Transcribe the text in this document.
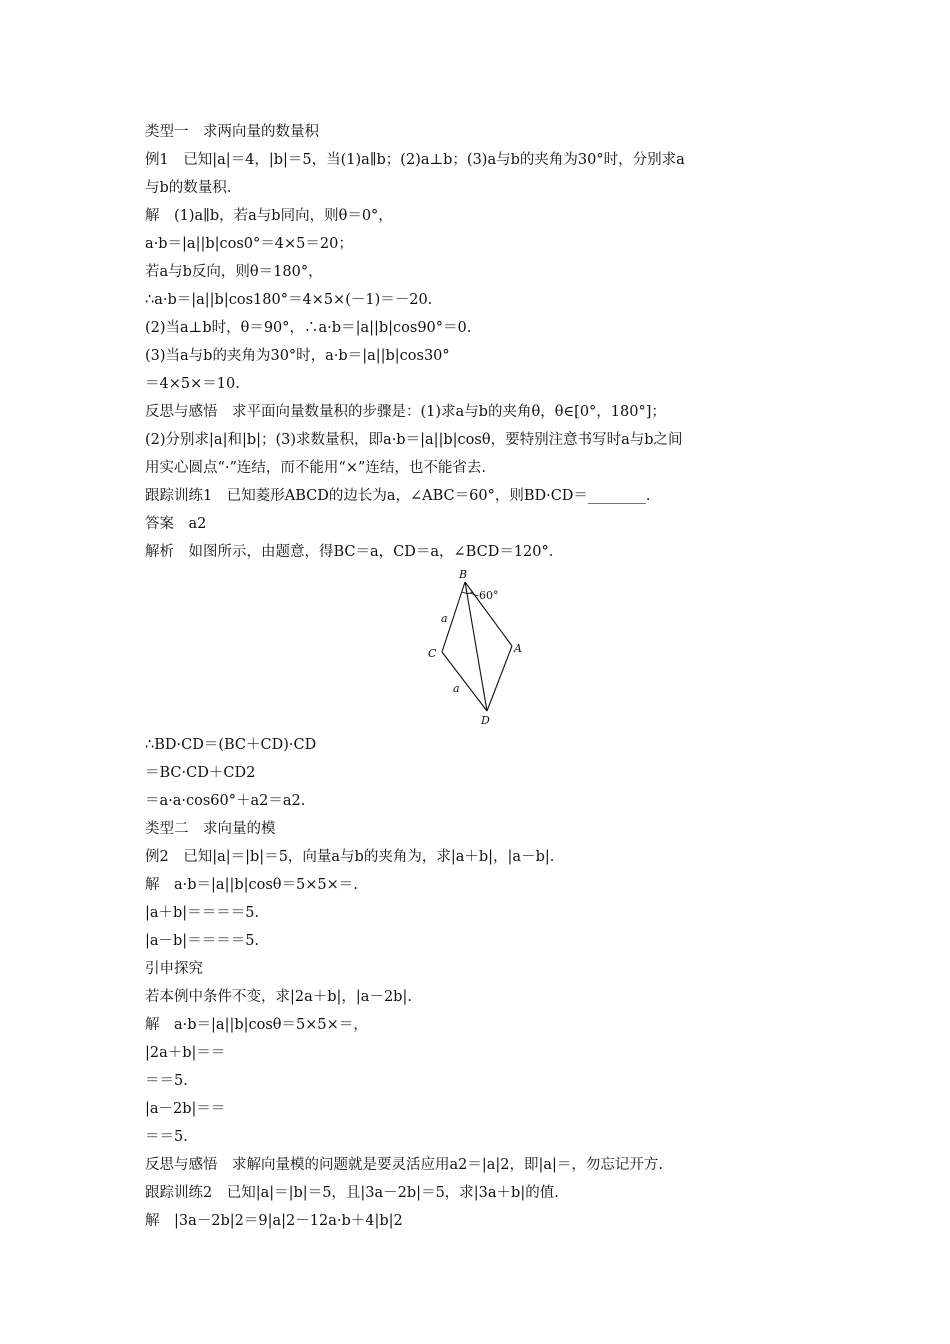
类型一　求两向量的数量积
例1　已知|a|＝4，|b|＝5，当(1)a∥b；(2)a⊥b；(3)a与b的夹角为30°时，分别求a
与b的数量积.
解　(1)a∥b，若a与b同向，则θ＝0°，
a·b＝|a||b|cos0°＝4×5＝20；
若a与b反向，则θ＝180°，
∴a·b＝|a||b|cos180°＝4×5×(－1)＝－20.
(2)当a⊥b时，θ＝90°，∴a·b＝|a||b|cos90°＝0.
(3)当a与b的夹角为30°时，a·b＝|a||b|cos30°
＝4×5×＝10.
反思与感悟　求平面向量数量积的步骤是：(1)求a与b的夹角θ，θ∈[0°，180°]；
(2)分别求|a|和|b|；(3)求数量积，即a·b＝|a||b|cosθ，要特别注意书写时a与b之间
用实心圆点“·”连结，而不能用“×”连结，也不能省去.
跟踪训练1　已知菱形ABCD的边长为a，∠ABC＝60°，则BD·CD＝________.
答案　a2
解析　如图所示，由题意，得BC＝a，CD＝a，∠BCD＝120°.
B
A
C
D
60°
a
a
∴BD·CD＝(BC＋CD)·CD
＝BC·CD＋CD2
＝a·a·cos60°＋a2＝a2.
类型二　求向量的模
例2　已知|a|＝|b|＝5，向量a与b的夹角为，求|a＋b|，|a－b|.
解　a·b＝|a||b|cosθ＝5×5×＝.
|a＋b|＝＝＝＝5.
|a－b|＝＝＝＝5.
引申探究
若本例中条件不变，求|2a＋b|，|a－2b|.
解　a·b＝|a||b|cosθ＝5×5×＝，
|2a＋b|＝＝
＝＝5.
|a－2b|＝＝
＝＝5.
反思与感悟　求解向量模的问题就是要灵活应用a2＝|a|2，即|a|＝，勿忘记开方.
跟踪训练2　已知|a|＝|b|＝5，且|3a－2b|＝5，求|3a＋b|的值.
解　|3a－2b|2＝9|a|2－12a·b＋4|b|2
